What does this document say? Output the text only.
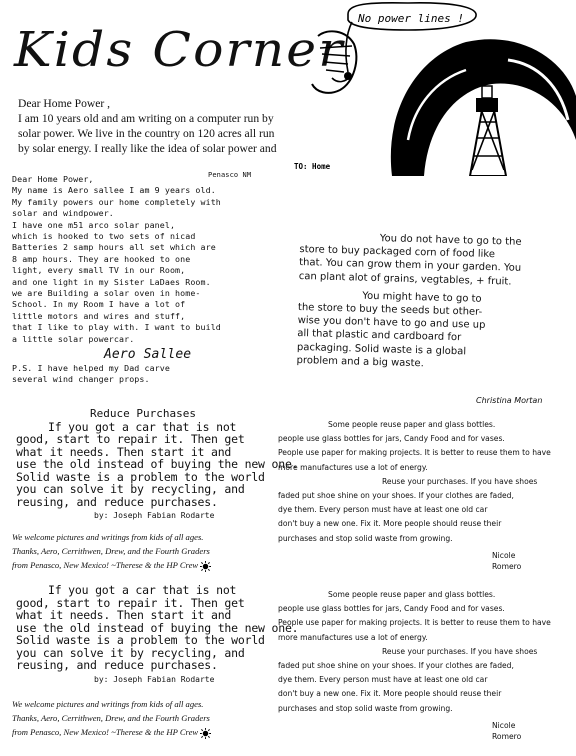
Kids Corner

Dear Home Power ,

I am 10 years old and am writing on a computer run by solar power. We live in the country on 120 acres all run by solar energy. I really like the idea of solar power and

No power lines !
TO: Home
Dear Home Power,	Penasco NM
My name is Aero sallee I am 9 years old.
My family powers our home completely with
solar and windpower.
I have one m51 arco solar panel,
which is hooked to two sets of nicad
Batteries 2 samp hours all set which are
8 amp hours. They are hooked to one
light, every small TV in our Room,
and one light in my Sister LaDaes Room.
we are Building a solar oven in home-
School. In my Room I have a lot of
little motors and wires and stuff,
that I like to play with. I want to build
a little solar powercar.
Aero Sallee
P.S. I have helped my Dad carve
several wind changer props.
You do not have to go to the
store to buy packaged corn of food like
that. You can grow them in your garden. You
can plant alot of grains, vegtables, + fruit.
You might have to go to
the store to buy the seeds but other-
wise you don't have to go and use up
all that plastic and cardboard for
packaging. Solid waste is a global
problem and a big waste.
Christina Mortan
Reduce Purchases
If you got a car that is not
good, start to repair it. Then get
what it needs. Then start it and
use the old instead of buying the new one.
Solid waste is a problem to the world
you can solve it by recycling, and
reusing, and reduce purchases.
by: Joseph Fabian Rodarte
We welcome pictures and writings from kids of all ages.
Thanks, Aero, Cerrithwen, Drew, and the Fourth Graders
from Penasco, New Mexico! ~Therese & the HP Crew
If you got a car that is not
good, start to repair it. Then get
what it needs. Then start it and
use the old instead of buying the new one.
Solid waste is a problem to the world
you can solve it by recycling, and
reusing, and reduce purchases.
by: Joseph Fabian Rodarte
We welcome pictures and writings from kids of all ages.
Thanks, Aero, Cerrithwen, Drew, and the Fourth Graders
from Penasco, New Mexico! ~Therese & the HP Crew
Some people reuse paper and glass bottles.
people use glass bottles for jars, Candy Food and for vases.
People use paper for making projects. It is better to reuse them to have
more manufactures use a lot of energy.
Reuse your purchases. If you have shoes
faded put shoe shine on your shoes. If your clothes are faded,
dye them. Every person must have at least one old car
don't buy a new one. Fix it. More people should reuse their
purchases and stop solid waste from growing.
Nicole
Romero
Some people reuse paper and glass bottles.
people use glass bottles for jars, Candy Food and for vases.
People use paper for making projects. It is better to reuse them to have
more manufactures use a lot of energy.
Reuse your purchases. If you have shoes
faded put shoe shine on your shoes. If your clothes are faded,
dye them. Every person must have at least one old car
don't buy a new one. Fix it. More people should reuse their
purchases and stop solid waste from growing.
Nicole
Romero
